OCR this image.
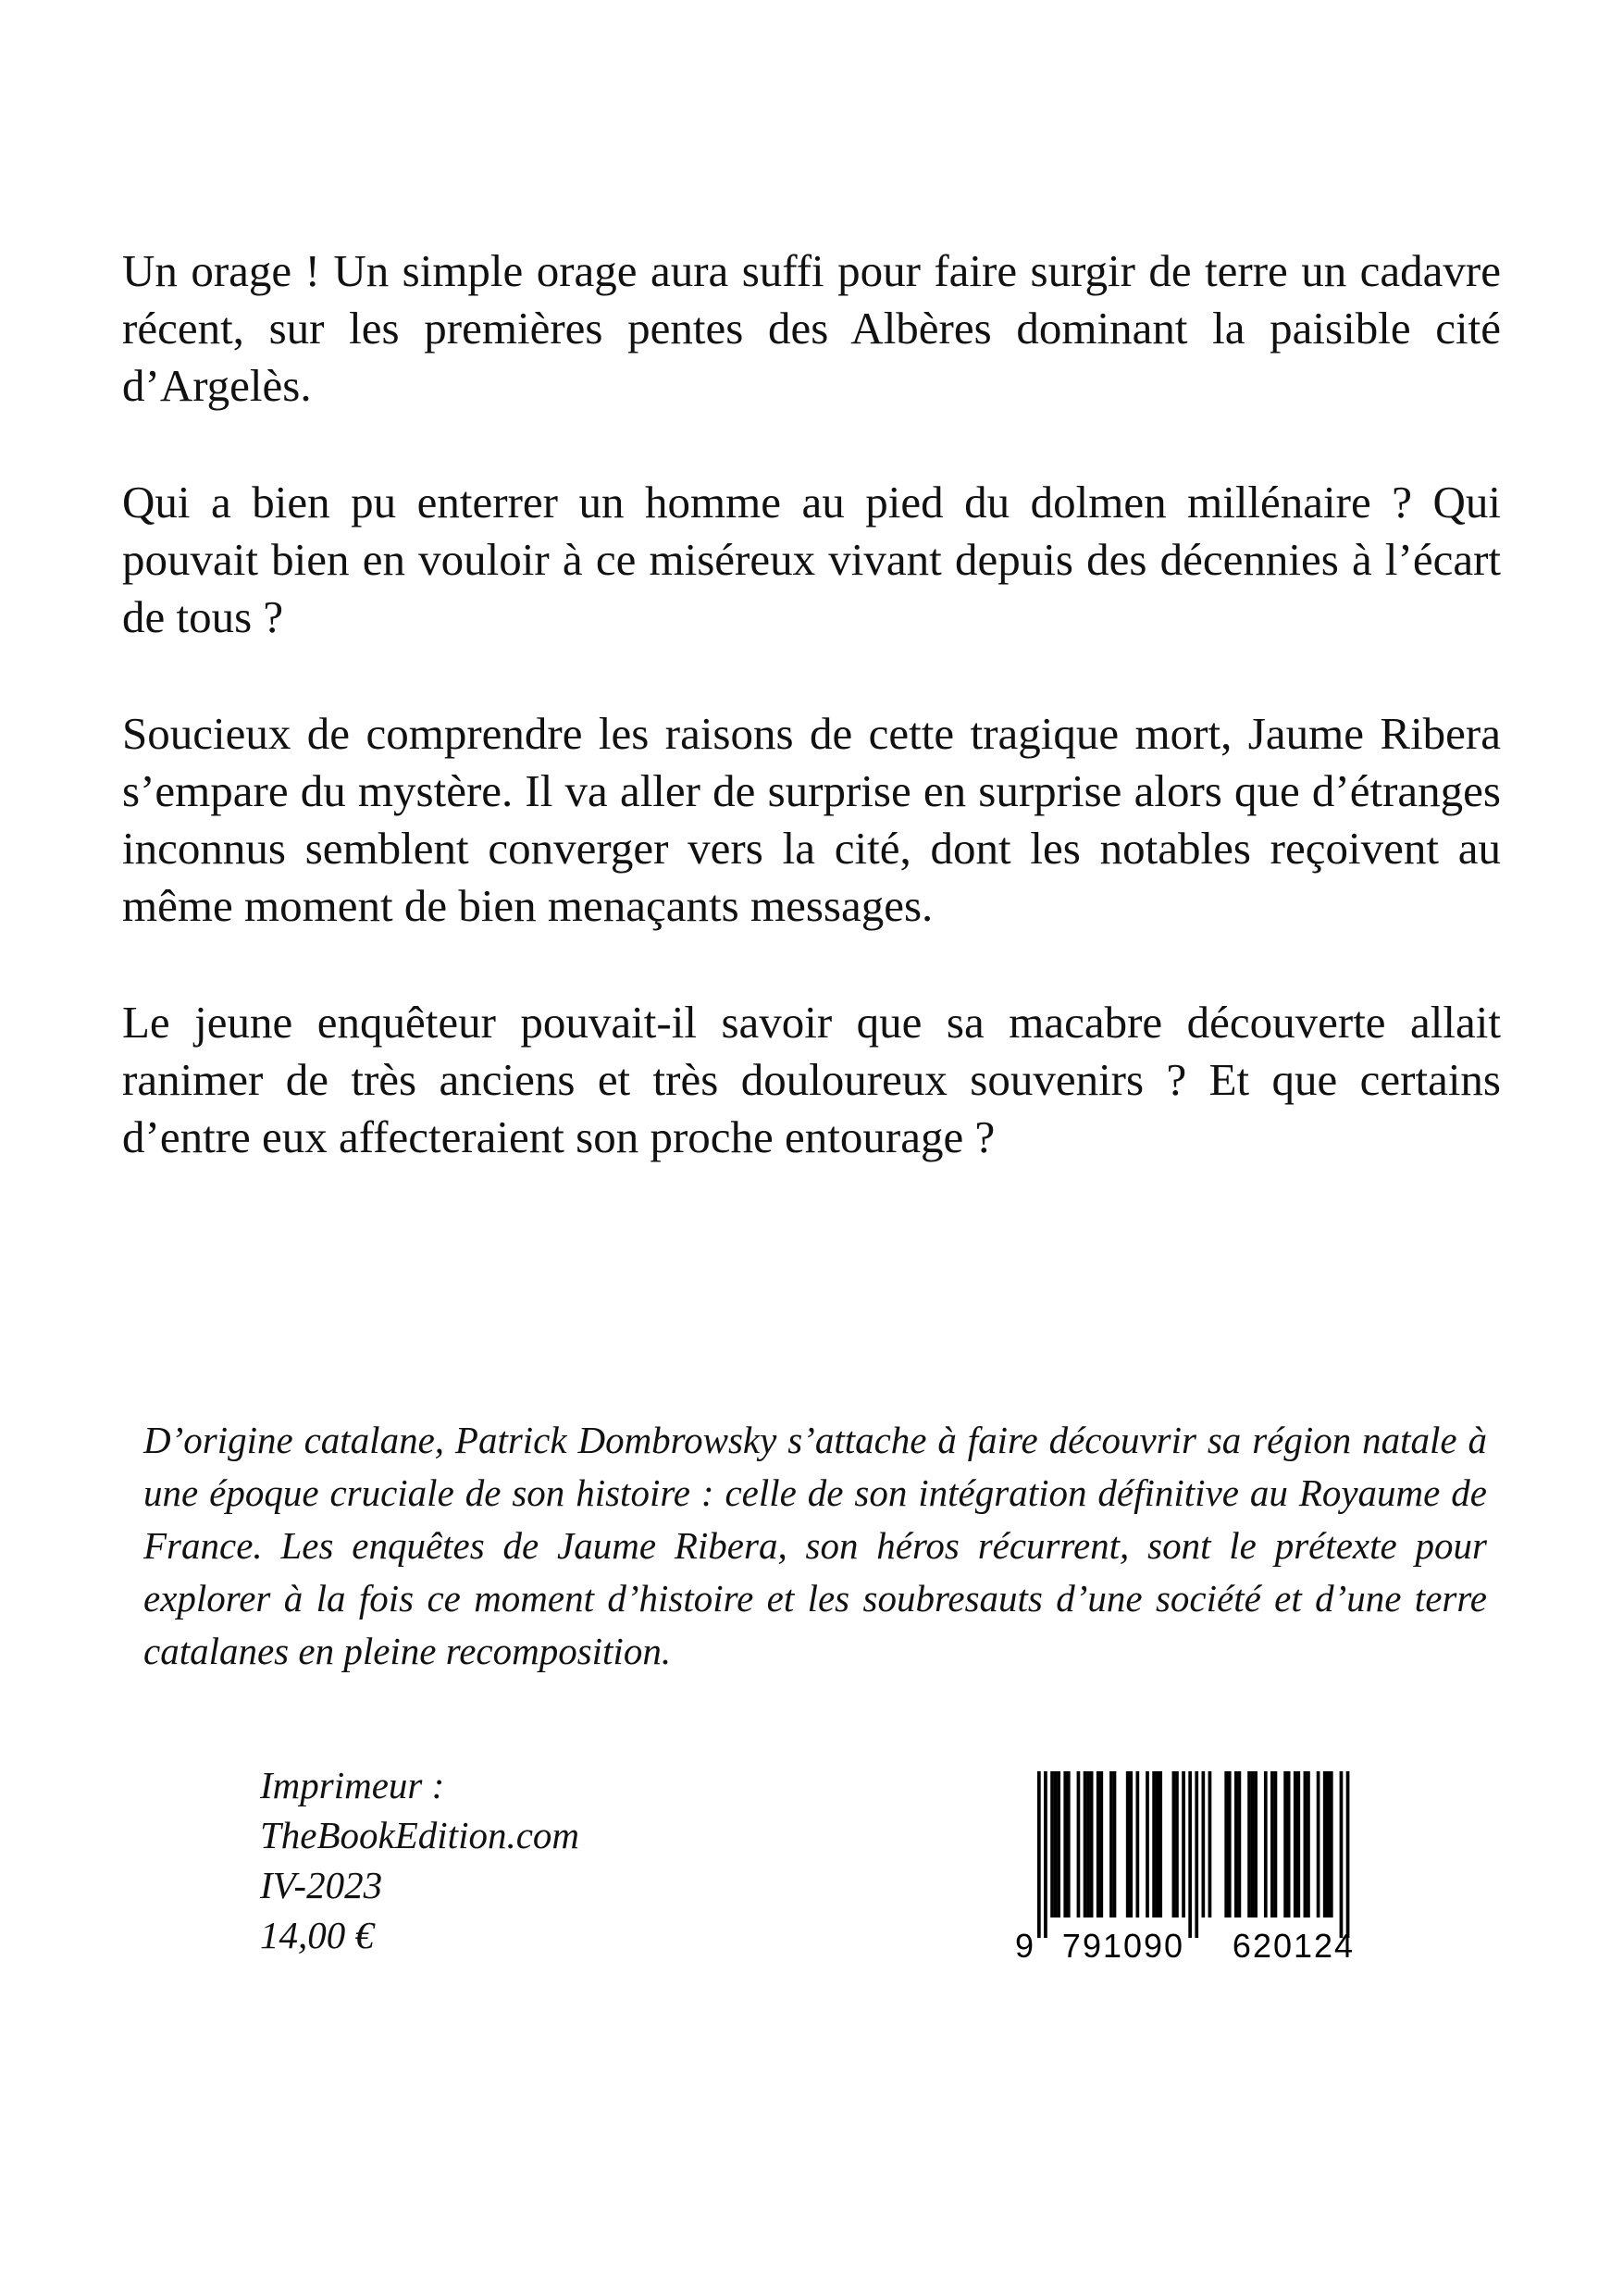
Un orage ! Un simple orage aura suffi pour faire surgir de terre un cadavre récent, sur les premières pentes des Albères dominant la paisible cité d’Argelès.

Qui a bien pu enterrer un homme au pied du dolmen millénaire ? Qui pouvait bien en vouloir à ce miséreux vivant depuis des décennies à l’écart de tous ?

Soucieux de comprendre les raisons de cette tragique mort, Jaume Ribera s’empare du mystère. Il va aller de surprise en surprise alors que d’étranges inconnus semblent converger vers la cité, dont les notables reçoivent au même moment de bien menaçants messages.

Le jeune enquêteur pouvait-il savoir que sa macabre découverte allait ranimer de très anciens et très douloureux souvenirs ? Et que certains d’entre eux affecteraient son proche entourage ?

D’origine catalane, Patrick Dombrowsky s’attache à faire découvrir sa région natale à une époque cruciale de son histoire : celle de son intégration définitive au Royaume de France. Les enquêtes de Jaume Ribera, son héros récurrent, sont le prétexte pour explorer à la fois ce moment d’histoire et les soubresauts d’une société et d’une terre catalanes en pleine recomposition.

Imprimeur :
TheBookEdition.com
IV-2023
14,00 €	9 791090 620124
